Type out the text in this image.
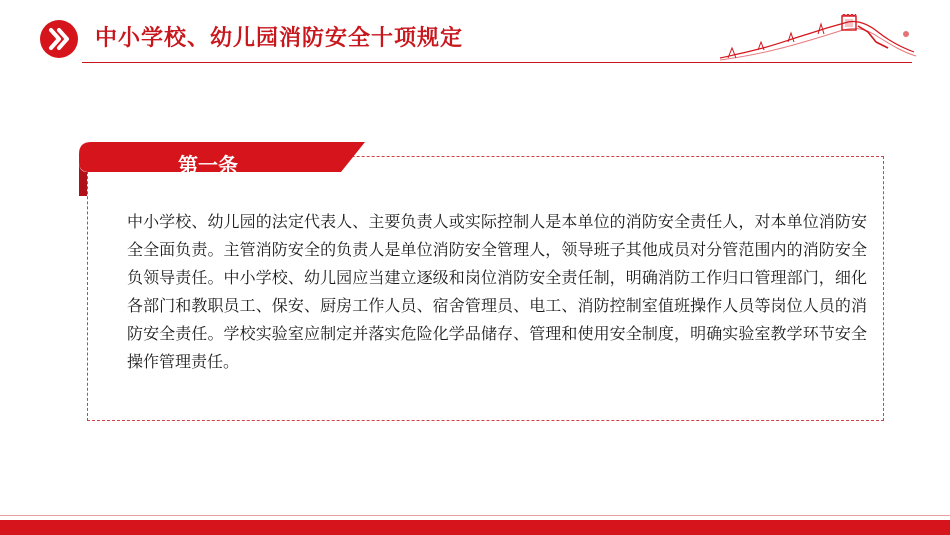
中小学校、幼儿园消防安全十项规定
第一条
中小学校、幼儿园的法定代表人、主要负责人或实际控制人是本单位的消防安全责任人，对本单位消防安全全面负责。主管消防安全的负责人是单位消防安全管理人，领导班子其他成员对分管范围内的消防安全负领导责任。中小学校、幼儿园应当建立逐级和岗位消防安全责任制，明确消防工作归口管理部门，细化各部门和教职员工、保安、厨房工作人员、宿舍管理员、电工、消防控制室值班操作人员等岗位人员的消防安全责任。学校实验室应制定并落实危险化学品储存、管理和使用安全制度，明确实验室教学环节安全操作管理责任。
